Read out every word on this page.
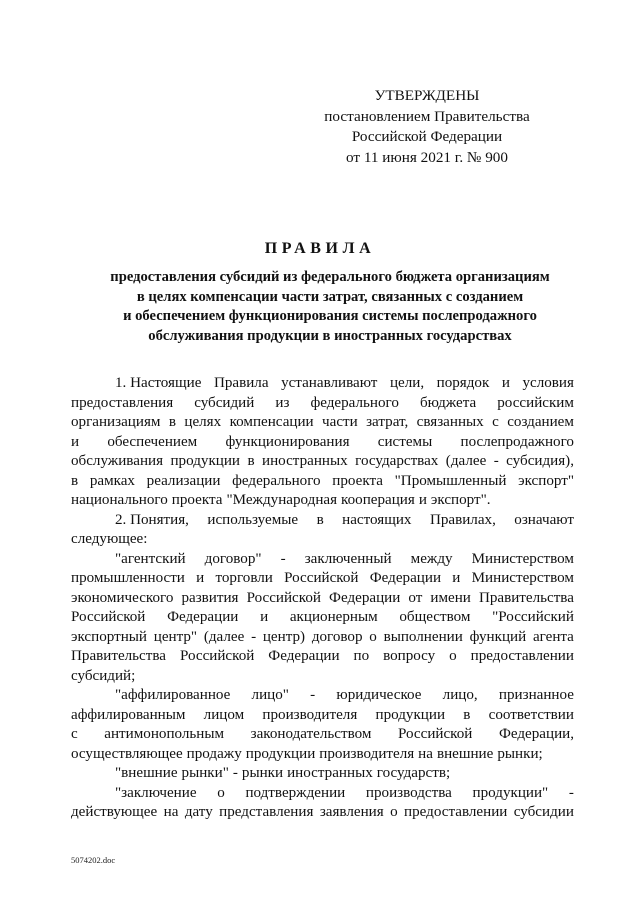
УТВЕРЖДЕНЫ
постановлением Правительства
Российской Федерации
от 11 июня 2021 г. № 900
ПРАВИЛА
предоставления субсидий из федерального бюджета организациям
в целях компенсации части затрат, связанных с созданием
и обеспечением функционирования системы послепродажного
обслуживания продукции в иностранных государствах
1. Настоящие Правила устанавливают цели, порядок и условия
предоставления субсидий из федерального бюджета российским
организациям в целях компенсации части затрат, связанных с созданием
и обеспечением функционирования системы послепродажного
обслуживания продукции в иностранных государствах (далее - субсидия),
в рамках реализации федерального проекта "Промышленный экспорт"
национального проекта "Международная кооперация и экспорт".
2. Понятия, используемые в настоящих Правилах, означают
следующее:
"агентский договор" - заключенный между Министерством
промышленности и торговли Российской Федерации и Министерством
экономического развития Российской Федерации от имени Правительства
Российской Федерации и акционерным обществом "Российский
экспортный центр" (далее - центр) договор о выполнении функций агента
Правительства Российской Федерации по вопросу о предоставлении
субсидий;
"аффилированное лицо" - юридическое лицо, признанное
аффилированным лицом производителя продукции в соответствии
с антимонопольным законодательством Российской Федерации,
осуществляющее продажу продукции производителя на внешние рынки;
"внешние рынки" - рынки иностранных государств;
"заключение о подтверждении производства продукции" -
действующее на дату представления заявления о предоставлении субсидии
5074202.doc
